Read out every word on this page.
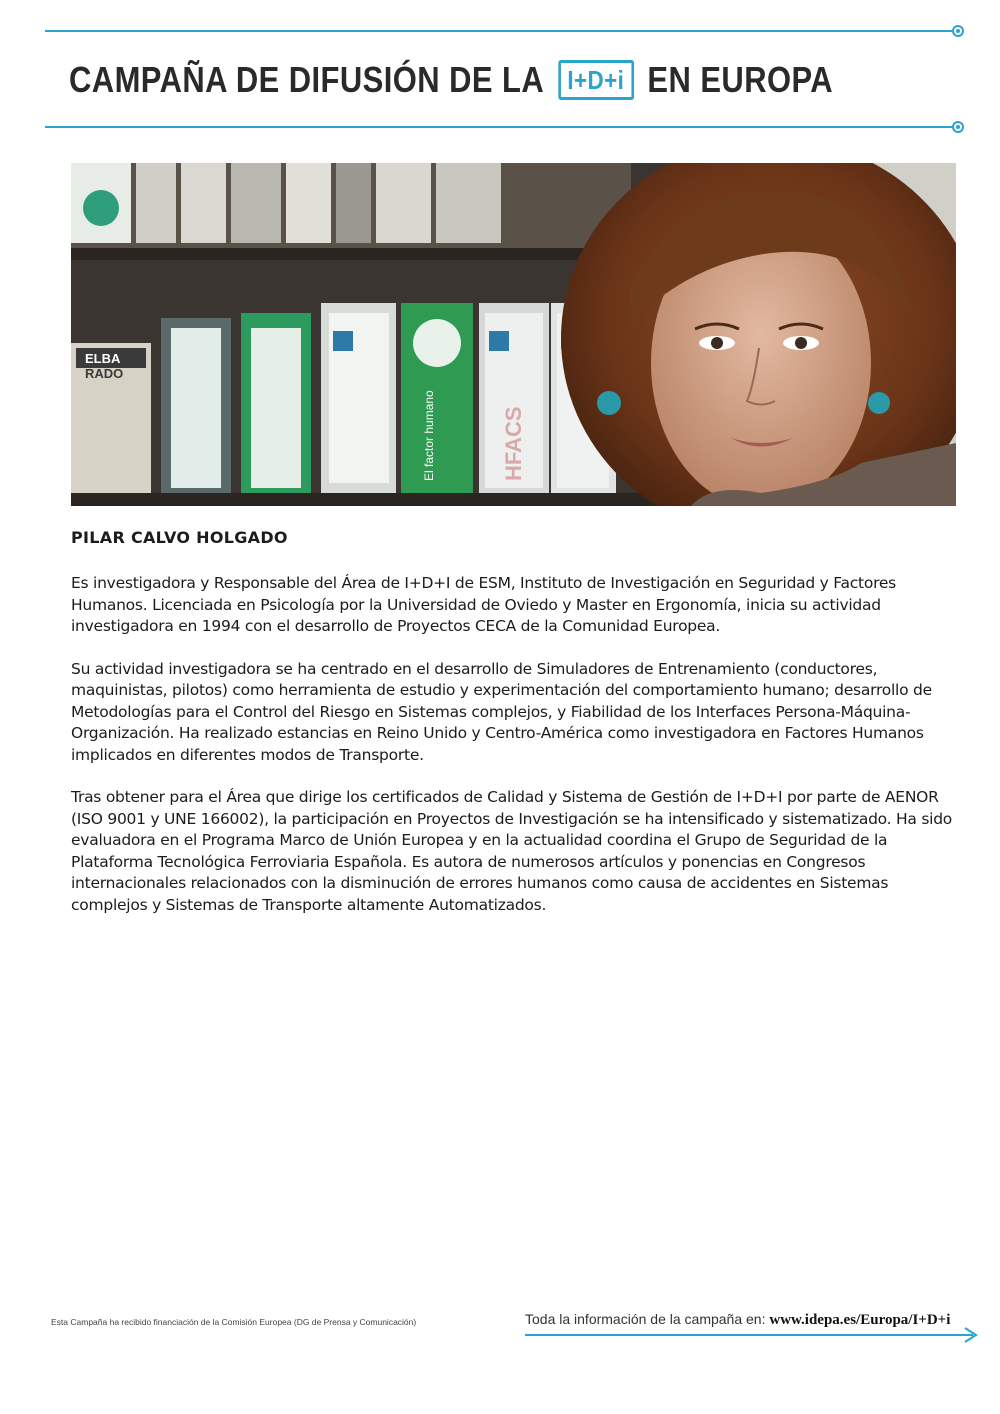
CAMPAÑA DE DIFUSIÓN DE LA I+D+i EN EUROPA
ELBA
RADO
El factor humano	HFACS
PILAR CALVO HOLGADO

Es investigadora y Responsable del Área de I+D+I de ESM, Instituto de Investigación en Seguridad y Factores Humanos. Licenciada en Psicología por la Universidad de Oviedo y Master en Ergonomía, inicia su actividad investigadora en 1994 con el desarrollo de Proyectos CECA de la Comunidad Europea.

Su actividad investigadora se ha centrado en el desarrollo de Simuladores de Entrenamiento (conductores, maquinistas, pilotos) como herramienta de estudio y experimentación del comportamiento humano; desarrollo de Metodologías para el Control del Riesgo en Sistemas complejos, y Fiabilidad de los Interfaces Persona-Máquina-Organización. Ha realizado estancias en Reino Unido y Centro-América como investigadora en Factores Humanos implicados en diferentes modos de Transporte.

Tras obtener para el Área que dirige los certificados de Calidad y Sistema de Gestión de I+D+I por parte de AENOR (ISO 9001 y UNE 166002), la participación en Proyectos de Investigación se ha intensificado y sistematizado. Ha sido evaluadora en el Programa Marco de Unión Europea y en la actualidad coordina el Grupo de Seguridad de la Plataforma Tecnológica Ferroviaria Española. Es autora de numerosos artículos y ponencias en Congresos internacionales relacionados con la disminución de errores humanos como causa de accidentes en Sistemas complejos y Sistemas de Transporte altamente Automatizados.

Esta Campaña ha recibido financiación de la Comisión Europea (DG de Prensa y Comunicación)	Toda la información de la campaña en: www.idepa.es/Europa/I+D+i
